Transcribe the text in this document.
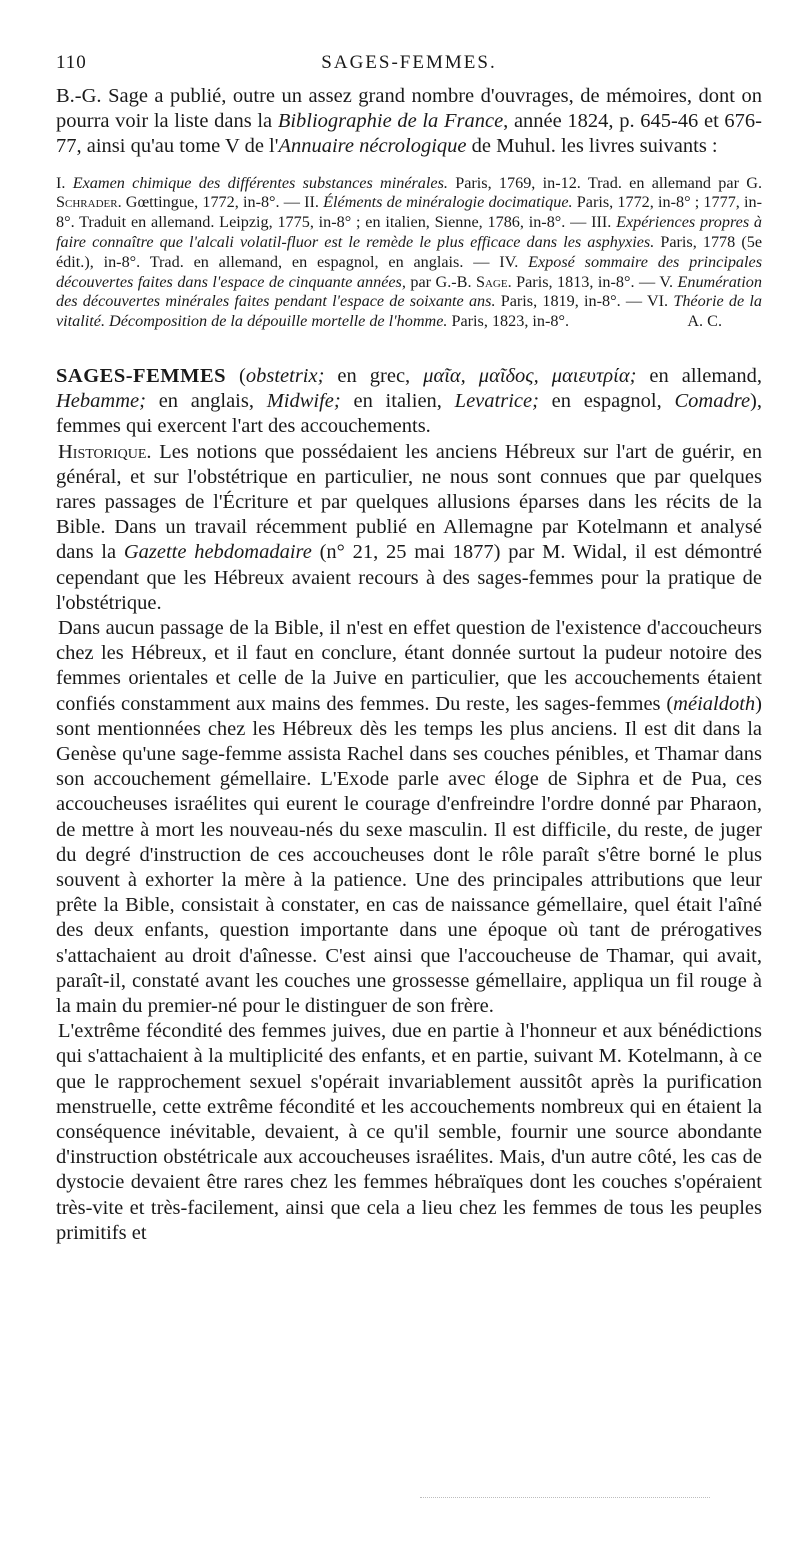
110	SAGES-FEMMES.

B.-G. Sage a publié, outre un assez grand nombre d'ouvrages, de mémoires, dont on pourra voir la liste dans la Bibliographie de la France, année 1824, p. 645-46 et 676-77, ainsi qu'au tome V de l'Annuaire nécrologique de Muhul. les livres suivants :

I. Examen chimique des différentes substances minérales. Paris, 1769, in-12. Trad. en allemand par G. Schrader. Gœttingue, 1772, in-8°. — II. Éléments de minéralogie docimatique. Paris, 1772, in-8° ; 1777, in-8°. Traduit en allemand. Leipzig, 1775, in-8° ; en italien, Sienne, 1786, in-8°. — III. Expériences propres à faire connaître que l'alcali volatil-fluor est le remède le plus efficace dans les asphyxies. Paris, 1778 (5e édit.), in-8°. Trad. en allemand, en espagnol, en anglais. — IV. Exposé sommaire des principales découvertes faites dans l'espace de cinquante années, par G.-B. Sage. Paris, 1813, in-8°. — V. Enumération des découvertes minérales faites pendant l'espace de soixante ans. Paris, 1819, in-8°. — VI. Théorie de la vitalité. Décomposition de la dépouille mortelle de l'homme. Paris, 1823, in-8°.	A. C.

SAGES-FEMMES (obstetrix; en grec, μαῖα, μαῖδος, μαιευτρία; en allemand, Hebamme; en anglais, Midwife; en italien, Levatrice; en espagnol, Comadre), femmes qui exercent l'art des accouchements.

Historique. Les notions que possédaient les anciens Hébreux sur l'art de guérir, en général, et sur l'obstétrique en particulier, ne nous sont connues que par quelques rares passages de l'Écriture et par quelques allusions éparses dans les récits de la Bible. Dans un travail récemment publié en Allemagne par Kotelmann et analysé dans la Gazette hebdomadaire (n° 21, 25 mai 1877) par M. Widal, il est démontré cependant que les Hébreux avaient recours à des sages-femmes pour la pratique de l'obstétrique.

Dans aucun passage de la Bible, il n'est en effet question de l'existence d'accoucheurs chez les Hébreux, et il faut en conclure, étant donnée surtout la pudeur notoire des femmes orientales et celle de la Juive en particulier, que les accouchements étaient confiés constamment aux mains des femmes. Du reste, les sages-femmes (méialdoth) sont mentionnées chez les Hébreux dès les temps les plus anciens. Il est dit dans la Genèse qu'une sage-femme assista Rachel dans ses couches pénibles, et Thamar dans son accouchement gémellaire. L'Exode parle avec éloge de Siphra et de Pua, ces accoucheuses israélites qui eurent le courage d'enfreindre l'ordre donné par Pharaon, de mettre à mort les nouveau-nés du sexe masculin. Il est difficile, du reste, de juger du degré d'instruction de ces accoucheuses dont le rôle paraît s'être borné le plus souvent à exhorter la mère à la patience. Une des principales attributions que leur prête la Bible, consistait à constater, en cas de naissance gémellaire, quel était l'aîné des deux enfants, question importante dans une époque où tant de prérogatives s'attachaient au droit d'aînesse. C'est ainsi que l'accoucheuse de Thamar, qui avait, paraît-il, constaté avant les couches une grossesse gémellaire, appliqua un fil rouge à la main du premier-né pour le distinguer de son frère.

L'extrême fécondité des femmes juives, due en partie à l'honneur et aux bénédictions qui s'attachaient à la multiplicité des enfants, et en partie, suivant M. Kotelmann, à ce que le rapprochement sexuel s'opérait invariablement aussitôt après la purification menstruelle, cette extrême fécondité et les accouchements nombreux qui en étaient la conséquence inévitable, devaient, à ce qu'il semble, fournir une source abondante d'instruction obstétricale aux accoucheuses israélites. Mais, d'un autre côté, les cas de dystocie devaient être rares chez les femmes hébraïques dont les couches s'opéraient très-vite et très-facilement, ainsi que cela a lieu chez les femmes de tous les peuples primitifs et
